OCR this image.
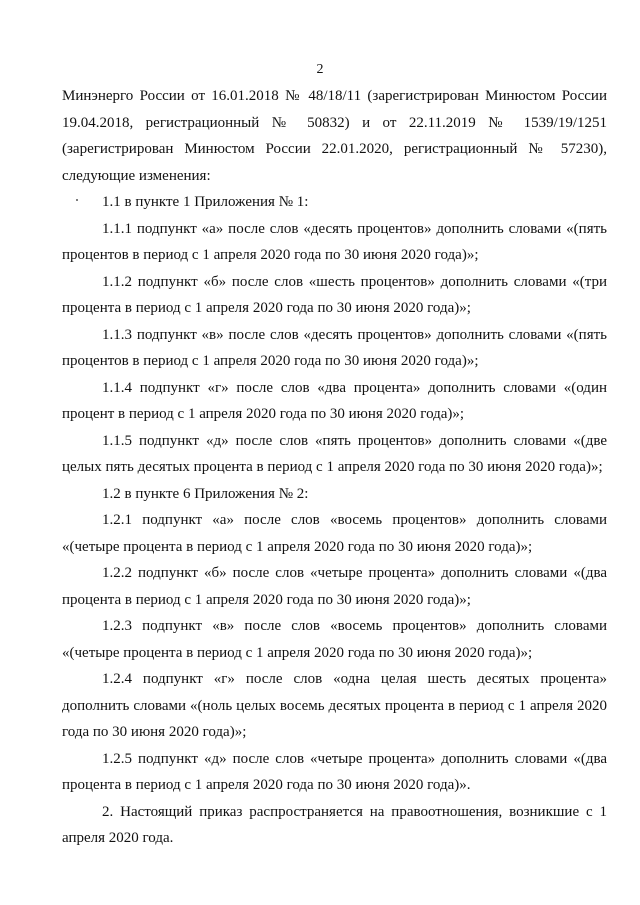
2

Минэнерго России от 16.01.2018 № 48/18/11 (зарегистрирован Минюстом России 19.04.2018, регистрационный № 50832) и от 22.11.2019 № 1539/19/1251 (зарегистрирован Минюстом России 22.01.2020, регистрационный № 57230), следующие изменения:

1.1 в пункте 1 Приложения № 1:

1.1.1 подпункт «а» после слов «десять процентов» дополнить словами «(пять процентов в период с 1 апреля 2020 года по 30 июня 2020 года)»;

1.1.2 подпункт «б» после слов «шесть процентов» дополнить словами «(три процента в период с 1 апреля 2020 года по 30 июня 2020 года)»;

1.1.3 подпункт «в» после слов «десять процентов» дополнить словами «(пять процентов в период с 1 апреля 2020 года по 30 июня 2020 года)»;

1.1.4 подпункт «г» после слов «два процента» дополнить словами «(один процент в период с 1 апреля 2020 года по 30 июня 2020 года)»;

1.1.5 подпункт «д» после слов «пять процентов» дополнить словами «(две целых пять десятых процента в период с 1 апреля 2020 года по 30 июня 2020 года)»;

1.2 в пункте 6 Приложения № 2:

1.2.1 подпункт «а» после слов «восемь процентов» дополнить словами «(четыре процента в период с 1 апреля 2020 года по 30 июня 2020 года)»;

1.2.2 подпункт «б» после слов «четыре процента» дополнить словами «(два процента в период с 1 апреля 2020 года по 30 июня 2020 года)»;

1.2.3 подпункт «в» после слов «восемь процентов» дополнить словами «(четыре процента в период с 1 апреля 2020 года по 30 июня 2020 года)»;

1.2.4 подпункт «г» после слов «одна целая шесть десятых процента» дополнить словами «(ноль целых восемь десятых процента в период с 1 апреля 2020 года по 30 июня 2020 года)»;

1.2.5 подпункт «д» после слов «четыре процента» дополнить словами «(два процента в период с 1 апреля 2020 года по 30 июня 2020 года)».

2. Настоящий приказ распространяется на правоотношения, возникшие с 1 апреля 2020 года.
